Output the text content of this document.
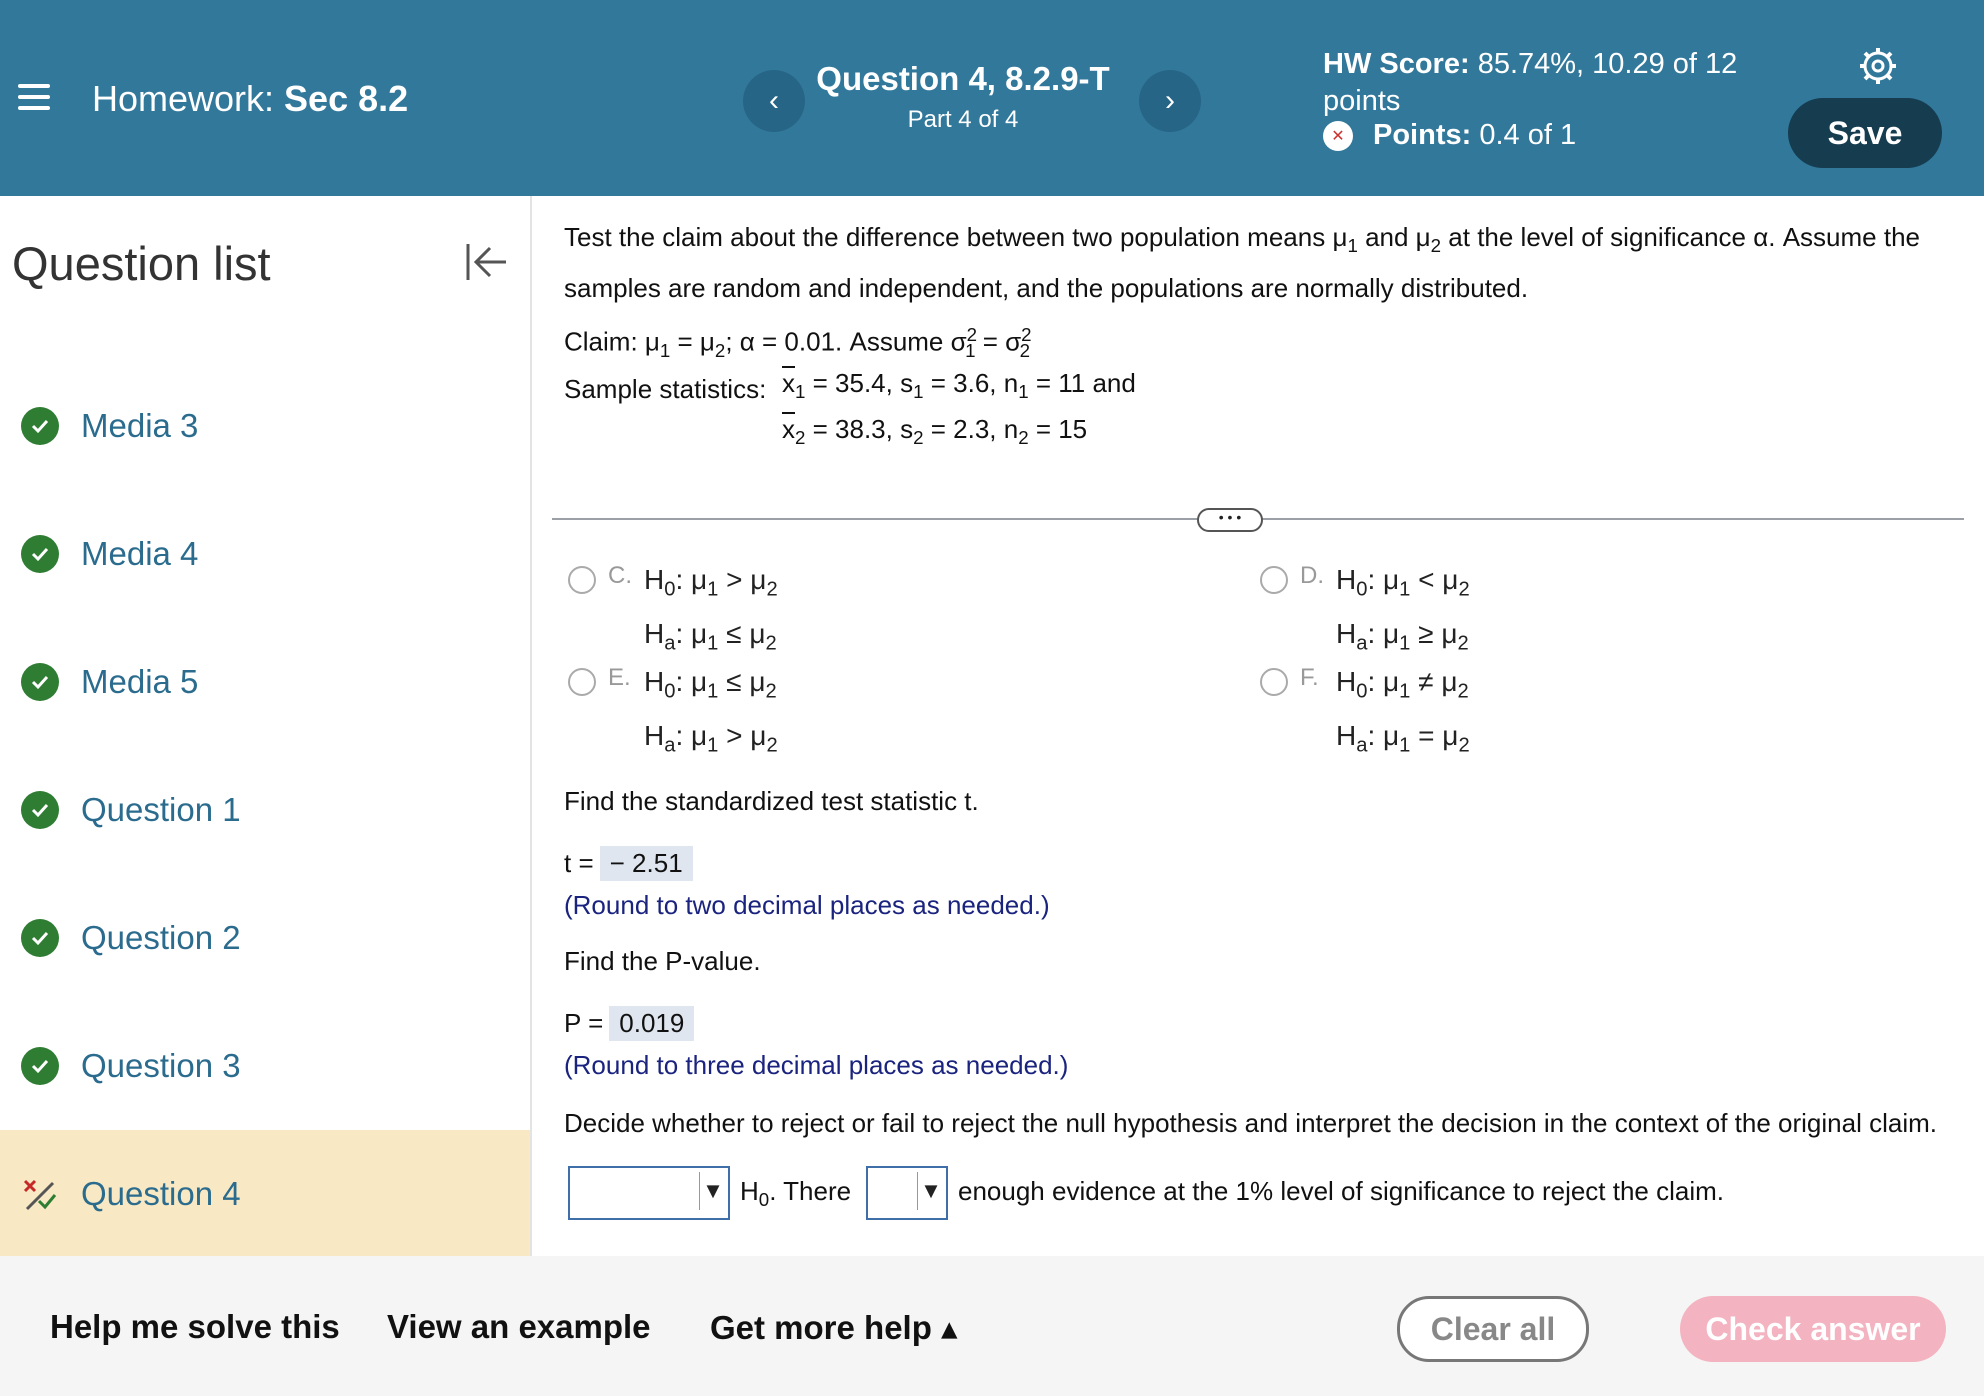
Homework: Sec 8.2	‹
Question 4, 8.2.9-T
Part 4 of 4
›
HW Score: 85.74%, 10.29 of 12 points
✕ Points:
0.4 of 1	Save
Question list
Media 3
Media 4
Media 5
Question 1
Question 2
Question 3
Question 4
Test the claim about the difference between two population means $\mu_1$ and $\mu_2$ at the level of significance α. Assume the samples are random and independent, and the populations are normally distributed.
Claim: $\mu_1 = \mu_2$; α = 0.01. Assume $\sigma^2_1 = \sigma^2_2$
Sample statistics: $\overline{x}_1 = 35.4$, $s_1 = 3.6$, $n_1 = 11$ and
$\overline{x}_2 = 38.3$, $s_2 = 2.3$, $n_2 = 15$
• • •
C. $H_0$: $\mu_1 > \mu_2$
$H_a$: $\mu_1 \le \mu_2$
D. $H_0$: $\mu_1 < \mu_2$
$H_a$: $\mu_1 \ge \mu_2$
E. $H_0$: $\mu_1 \le \mu_2$
$H_a$: $\mu_1 > \mu_2$
F. $H_0$: $\mu_1 \ne \mu_2$
$H_a$: $\mu_1 = \mu_2$
Find the standardized test statistic t.
t = − 2.51
(Round to two decimal places as needed.)
Find the P-value.
P = 0.019
(Round to three decimal places as needed.)
Decide whether to reject or fail to reject the null hypothesis and interpret the decision in the context of the original claim.
▼ $H_0$. There	▼ enough evidence at the 1% level of significance to reject the claim.
Help me solve this View an example Get more help ▴	Clear all	Check answer
